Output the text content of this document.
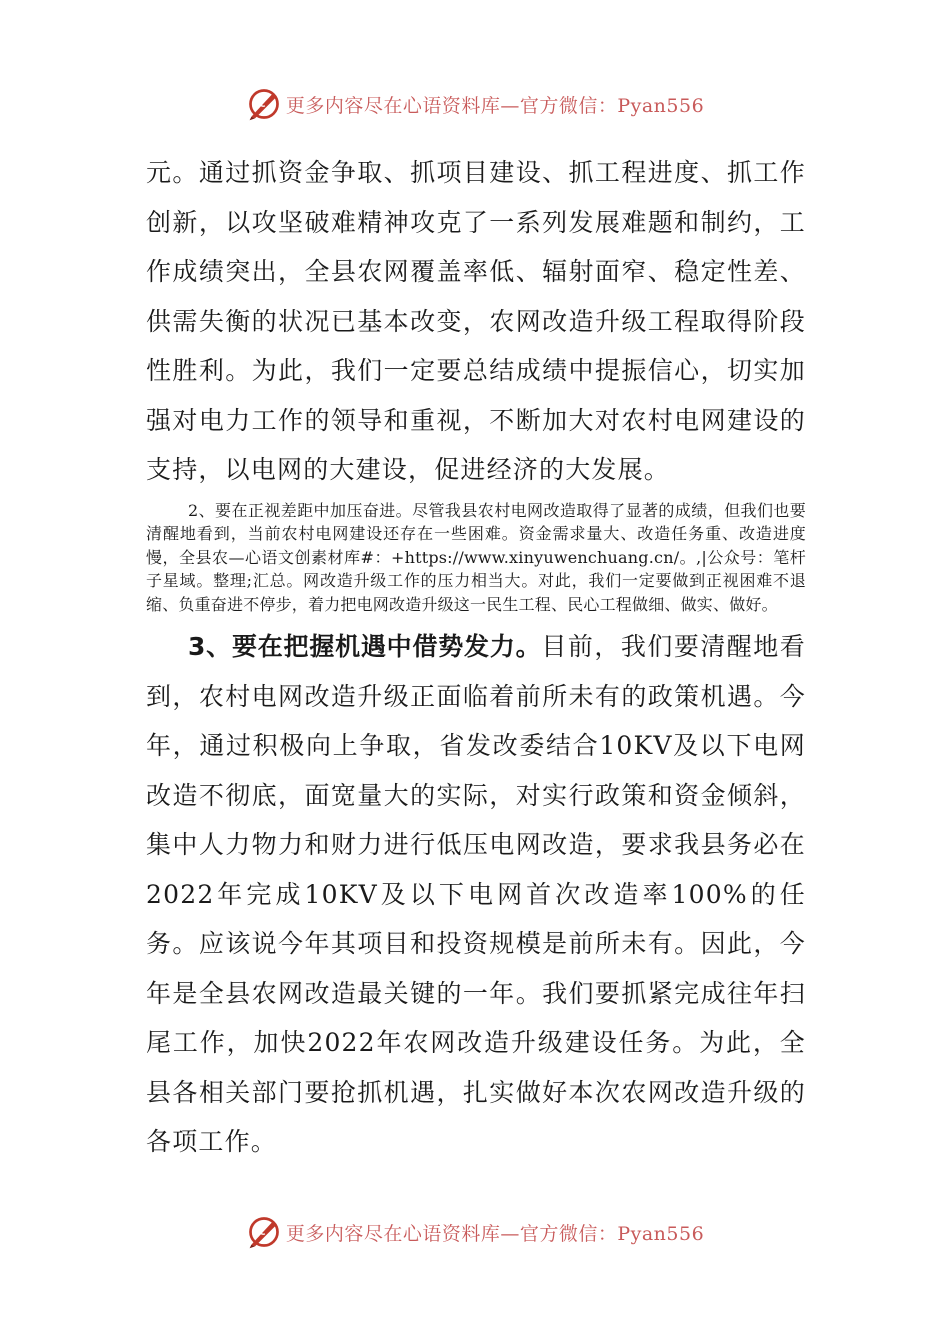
更多内容尽在心语资料库—官方微信：Pyan556

元。通过抓资金争取、抓项目建设、抓工程进度、抓工作创新，以攻坚破难精神攻克了一系列发展难题和制约，工作成绩突出，全县农网覆盖率低、辐射面窄、稳定性差、供需失衡的状况已基本改变，农网改造升级工程取得阶段性胜利。为此，我们一定要总结成绩中提振信心，切实加强对电力工作的领导和重视，不断加大对农村电网建设的支持，以电网的大建设，促进经济的大发展。

2、要在正视差距中加压奋进。尽管我县农村电网改造取得了显著的成绩，但我们也要清醒地看到，当前农村电网建设还存在一些困难。资金需求量大、改造任务重、改造进度慢，全县农—心语文创素材库#：+https://www.xinyuwenchuang.cn/。,|公众号：笔杆子星域。整理;汇总。网改造升级工作的压力相当大。对此，我们一定要做到正视困难不退缩、负重奋进不停步，着力把电网改造升级这一民生工程、民心工程做细、做实、做好。

3、要在把握机遇中借势发力。目前，我们要清醒地看到，农村电网改造升级正面临着前所未有的政策机遇。今年，通过积极向上争取，省发改委结合10KV及以下电网改造不彻底，面宽量大的实际，对实行政策和资金倾斜，集中人力物力和财力进行低压电网改造，要求我县务必在2022年完成10KV及以下电网首次改造率100%的任务。应该说今年其项目和投资规模是前所未有。因此，今年是全县农网改造最关键的一年。我们要抓紧完成往年扫尾工作，加快2022年农网改造升级建设任务。为此，全县各相关部门要抢抓机遇，扎实做好本次农网改造升级的各项工作。

更多内容尽在心语资料库—官方微信：Pyan556
